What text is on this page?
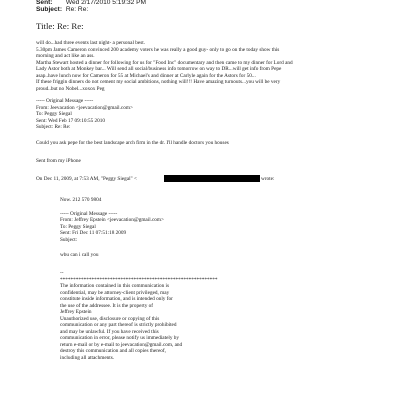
Sent: Wed 2/17/2010 5:19:32 PM
Subject: Re: Re:
Title: Re: Re:
will do...had three events last night- a personal best.
5.30pm James Cameron convinced 200 academy voters he was really a good guy- only to go on the today show this
morning and act like an ass.
Martha Stewart hosted a dinner for following for us for "Food Inc" documentary and then came to my dinner for Lord and
Lady Astor both at Monkey bar... Will send all social/business info tomorrow on way to DR...will get info from Pepe
asap..have lunch now for Cameron for 55 at Michael's and dinner at Carlyle again for the Astors for 50...
If these friggin dinners do not cement my social ambitions, nothing will!!! Have amazing turnouts...you will be very
proud..but no Nobel...xoxox Peg
----- Original Message -----
From: Jeevacation <jeevacation@gmail.com>
To: Peggy Siegal
Sent: Wed Feb 17 09:10:55 2010
Subject: Re: Re:
Could you ask pepe for the best landscape arch firm in the dr. I'll handle doctors you houses
Sent from my iPhone
On Dec 11, 2009, at 7:53 AM, "Peggy Siegal" <	wrote:
Now. 212 570 9804
----- Original Message -----
From: Jeffrey Epstein <jeevacation@gmail.com>
To: Peggy Siegal
Sent: Fri Dec 11 07:51:18 2009
Subject:
wbu can i call you
--
************************************************************
The information contained in this communication is
confidential, may be attorney-client privileged, may
constitute inside information, and is intended only for
the use of the addressee. It is the property of
Jeffrey Epstein
Unauthorized use, disclosure or copying of this
communication or any part thereof is strictly prohibited
and may be unlawful. If you have received this
communication in error, please notify us immediately by
return e-mail or by e-mail to jeevacation@gmail.com, and
destroy this communication and all copies thereof,
including all attachments.
